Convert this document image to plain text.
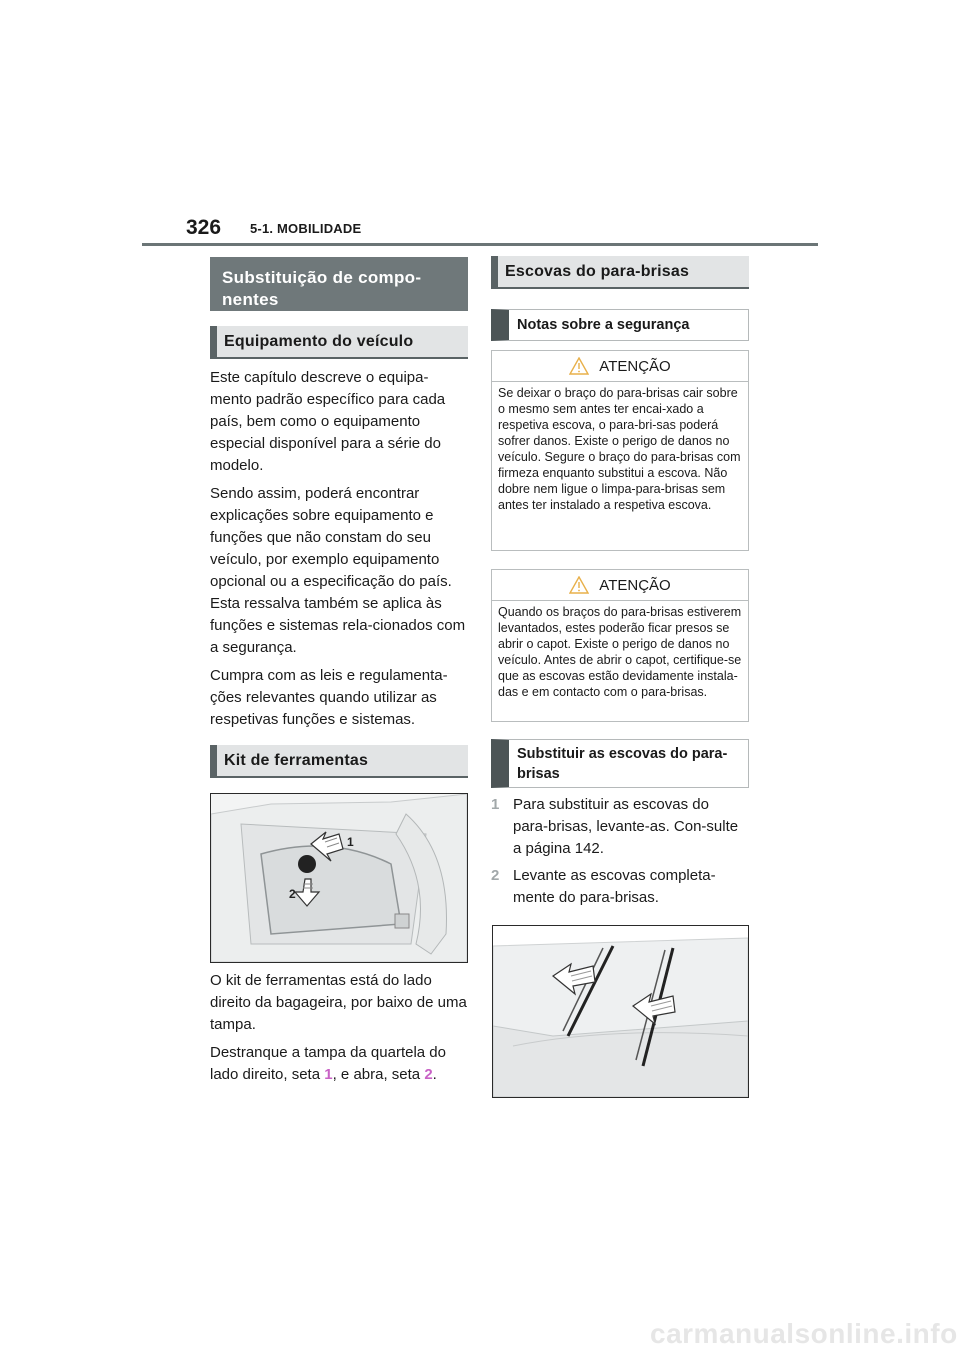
326 5-1. MOBILIDADE
Substituição de compo-nentes
Equipamento do veículo

Este capítulo descreve o equipa-mento padrão específico para cada país, bem como o equipamento especial disponível para a série do modelo.

Sendo assim, poderá encontrar explicações sobre equipamento e funções que não constam do seu veículo, por exemplo equipamento opcional ou a especificação do país. Esta ressalva também se aplica às funções e sistemas rela-cionados com a segurança.

Cumpra com as leis e regulamenta-ções relevantes quando utilizar as respetivas funções e sistemas.

Kit de ferramentas
1
2

O kit de ferramentas está do lado direito da bagageira, por baixo de uma tampa.

Destranque a tampa da quartela do lado direito, seta 1, e abra, seta 2.

Escovas do para-brisas
Notas sobre a segurança
ATENÇÃO
Se deixar o braço do para-brisas cair sobre o mesmo sem antes ter encai-xado a respetiva escova, o para-bri-sas poderá sofrer danos. Existe o perigo de danos no veículo. Segure o braço do para-brisas com firmeza enquanto substitui a escova. Não dobre nem ligue o limpa-para-brisas sem antes ter instalado a respetiva escova.
ATENÇÃO
Quando os braços do para-brisas estiverem levantados, estes poderão ficar presos se abrir o capot. Existe o perigo de danos no veículo. Antes de abrir o capot, certifique-se que as escovas estão devidamente instala-das e em contacto com o para-brisas.
Substituir as escovas do para-brisas
1 Para substituir as escovas do para-brisas, levante-as. Con-sulte a página 142.
2 Levante as escovas completa-mente do para-brisas.
carmanualsonline.info
